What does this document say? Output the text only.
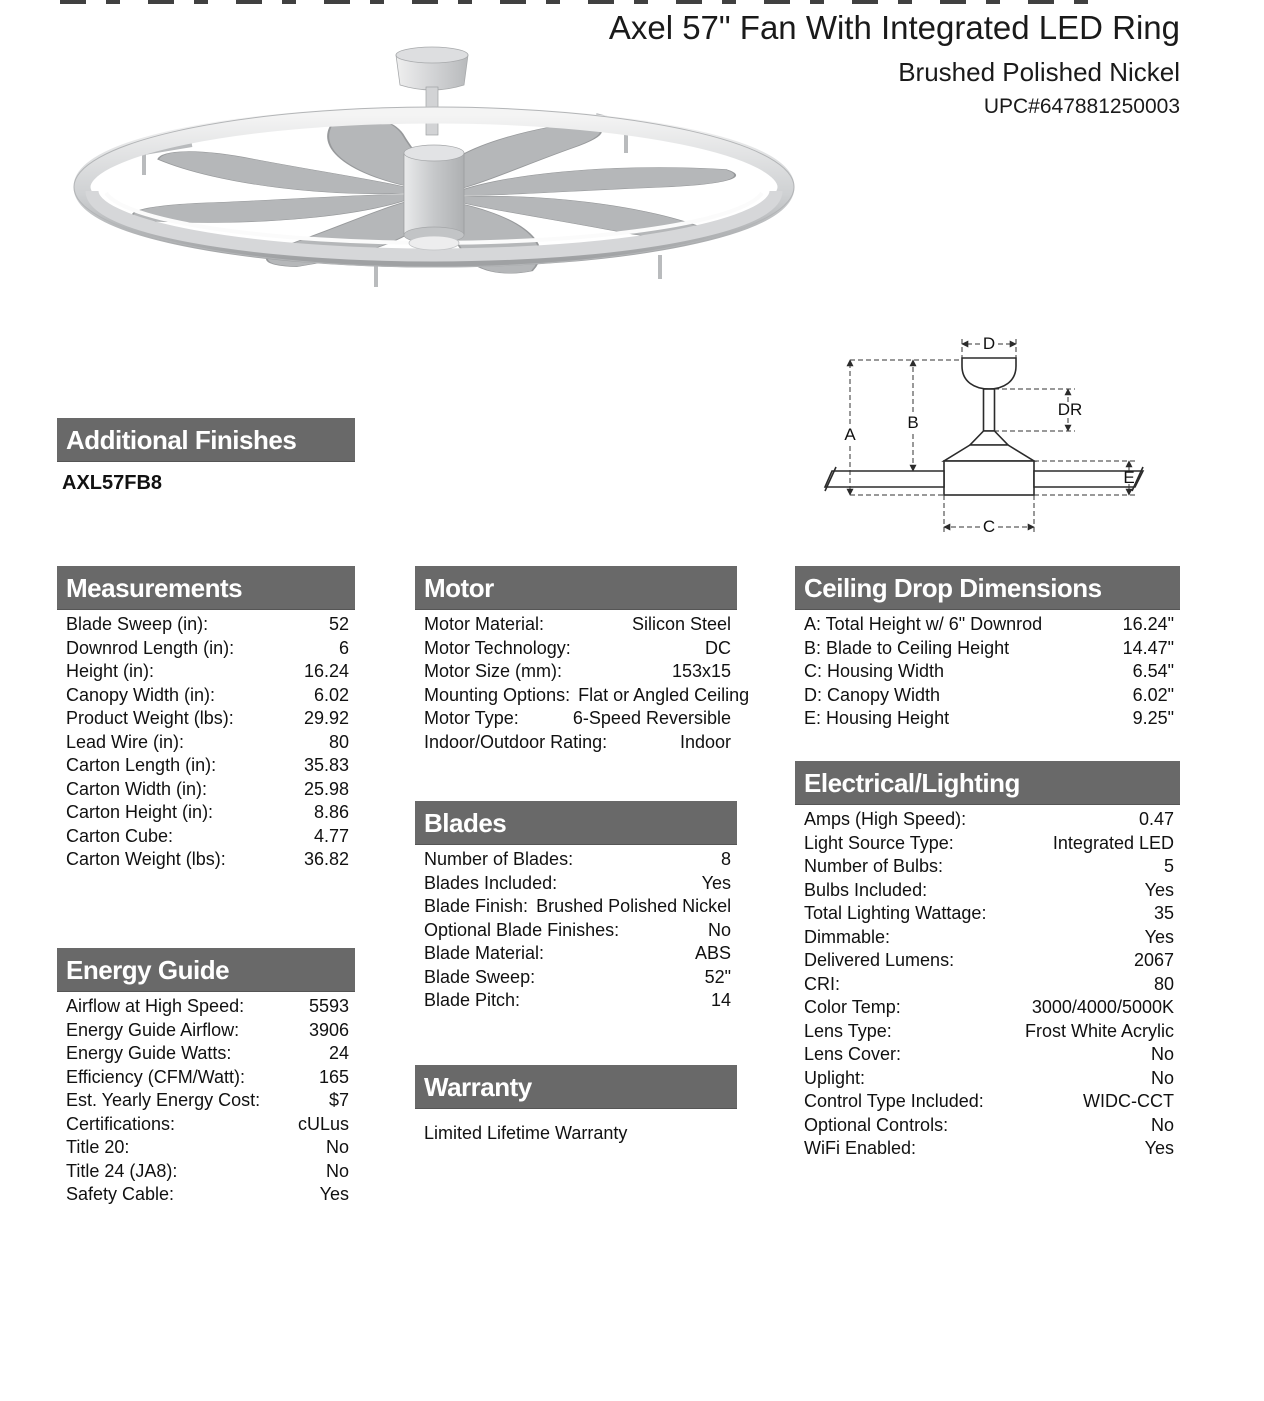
Axel 57" Fan With Integrated LED Ring
Brushed Polished Nickel
UPC#647881250003
A
B
D
DR
E
C
Additional Finishes
AXL57FB8
Measurements
Blade Sweep (in):	52
Downrod Length (in):	6
Height (in):	16.24
Canopy Width (in):	6.02
Product Weight (lbs):	29.92
Lead Wire (in):	80
Carton Length (in):	35.83
Carton Width (in):	25.98
Carton Height (in):	8.86
Carton Cube:	4.77
Carton Weight (lbs):	36.82
Energy Guide
Airflow at High Speed:	5593
Energy Guide Airflow:	3906
Energy Guide Watts:	24
Efficiency (CFM/Watt):	165
Est. Yearly Energy Cost:	$7
Certifications:	cULus
Title 20:	No
Title 24 (JA8):	No
Safety Cable:	Yes
Motor
Motor Material:	Silicon Steel
Motor Technology:	DC
Motor Size (mm):	153x15
Mounting Options: Flat or Angled Ceiling
Motor Type:	6-Speed Reversible
Indoor/Outdoor Rating:	Indoor
Blades
Number of Blades:	8
Blades Included:	Yes
Blade Finish: Brushed Polished Nickel
Optional Blade Finishes:	No
Blade Material:	ABS
Blade Sweep:	52"
Blade Pitch:	14
Warranty
Limited Lifetime Warranty
Ceiling Drop Dimensions
A: Total Height w/ 6" Downrod	16.24"
B: Blade to Ceiling Height	14.47"
C: Housing Width	6.54"
D: Canopy Width	6.02"
E: Housing Height	9.25"
Electrical/Lighting
Amps (High Speed):	0.47
Light Source Type:	Integrated LED
Number of Bulbs:	5
Bulbs Included:	Yes
Total Lighting Wattage:	35
Dimmable:	Yes
Delivered Lumens:	2067
CRI:	80
Color Temp:	3000/4000/5000K
Lens Type:	Frost White Acrylic
Lens Cover:	No
Uplight:	No
Control Type Included:	WIDC-CCT
Optional Controls:	No
WiFi Enabled:	Yes
